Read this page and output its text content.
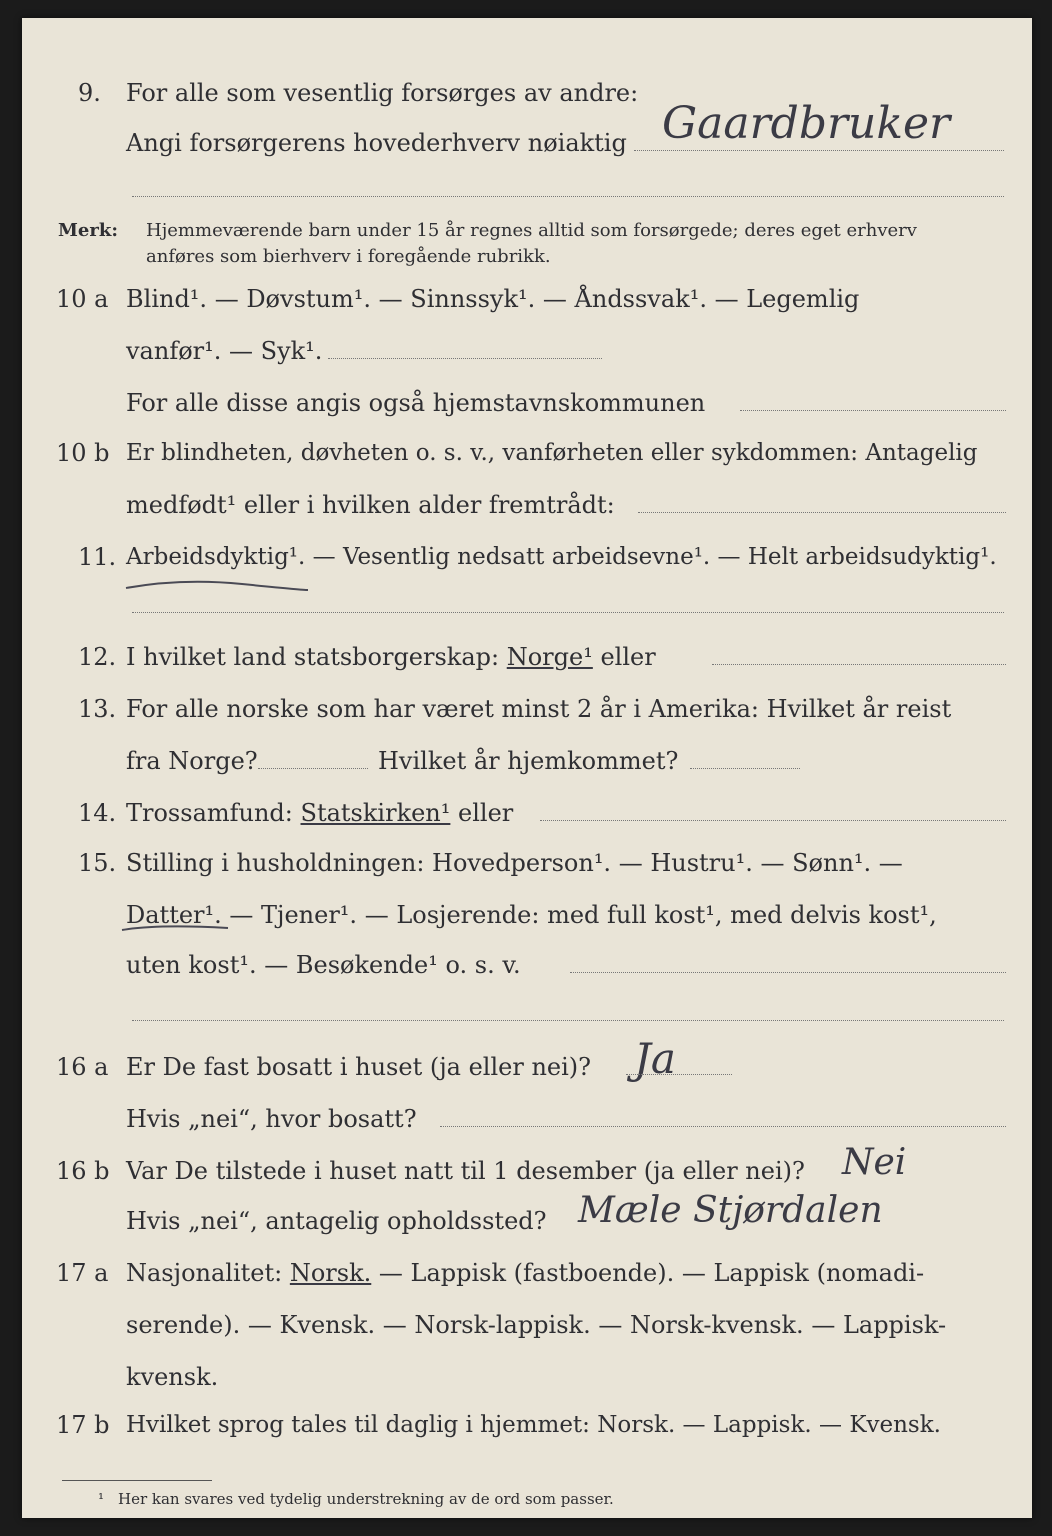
9. For alle som vesentlig forsørges av andre:
Angi forsørgerens hovederhverv nøiaktig Gaardbruker
Merk: Hjemmeværende barn under 15 år regnes alltid som forsørgede; deres eget erhverv
anføres som bierhverv i foregående rubrikk.
10 a Blind¹. — Døvstum¹. — Sinnssyk¹. — Åndssvak¹. — Legemlig
vanfør¹. — Syk¹.
For alle disse angis også hjemstavnskommunen
10 b Er blindheten, døvheten o. s. v., vanførheten eller sykdommen: Antagelig
medfødt¹ eller i hvilken alder fremtrådt:
11. Arbeidsdyktig¹. — Vesentlig nedsatt arbeidsevne¹. — Helt arbeidsudyktig¹.
12. I hvilket land statsborgerskap: Norge¹ eller
13. For alle norske som har været minst 2 år i Amerika: Hvilket år reist
fra Norge?	Hvilket år hjemkommet?
14. Trossamfund: Statskirken¹ eller
15. Stilling i husholdningen: Hovedperson¹. — Hustru¹. — Sønn¹. —
Datter¹. — Tjener¹. — Losjerende: med full kost¹, med delvis kost¹,
uten kost¹. — Besøkende¹ o. s. v.
16 a Er De fast bosatt i huset (ja eller nei)? Ja
Hvis „nei“, hvor bosatt?
16 b Var De tilstede i huset natt til 1 desember (ja eller nei)? Nei
Hvis „nei“, antagelig opholdssted? Mæle Stjørdalen
17 a Nasjonalitet: Norsk. — Lappisk (fastboende). — Lappisk (nomadi-
serende). — Kvensk. — Norsk-lappisk. — Norsk-kvensk. — Lappisk-
kvensk.
17 b Hvilket sprog tales til daglig i hjemmet: Norsk. — Lappisk. — Kvensk.
¹ Her kan svares ved tydelig understrekning av de ord som passer.
